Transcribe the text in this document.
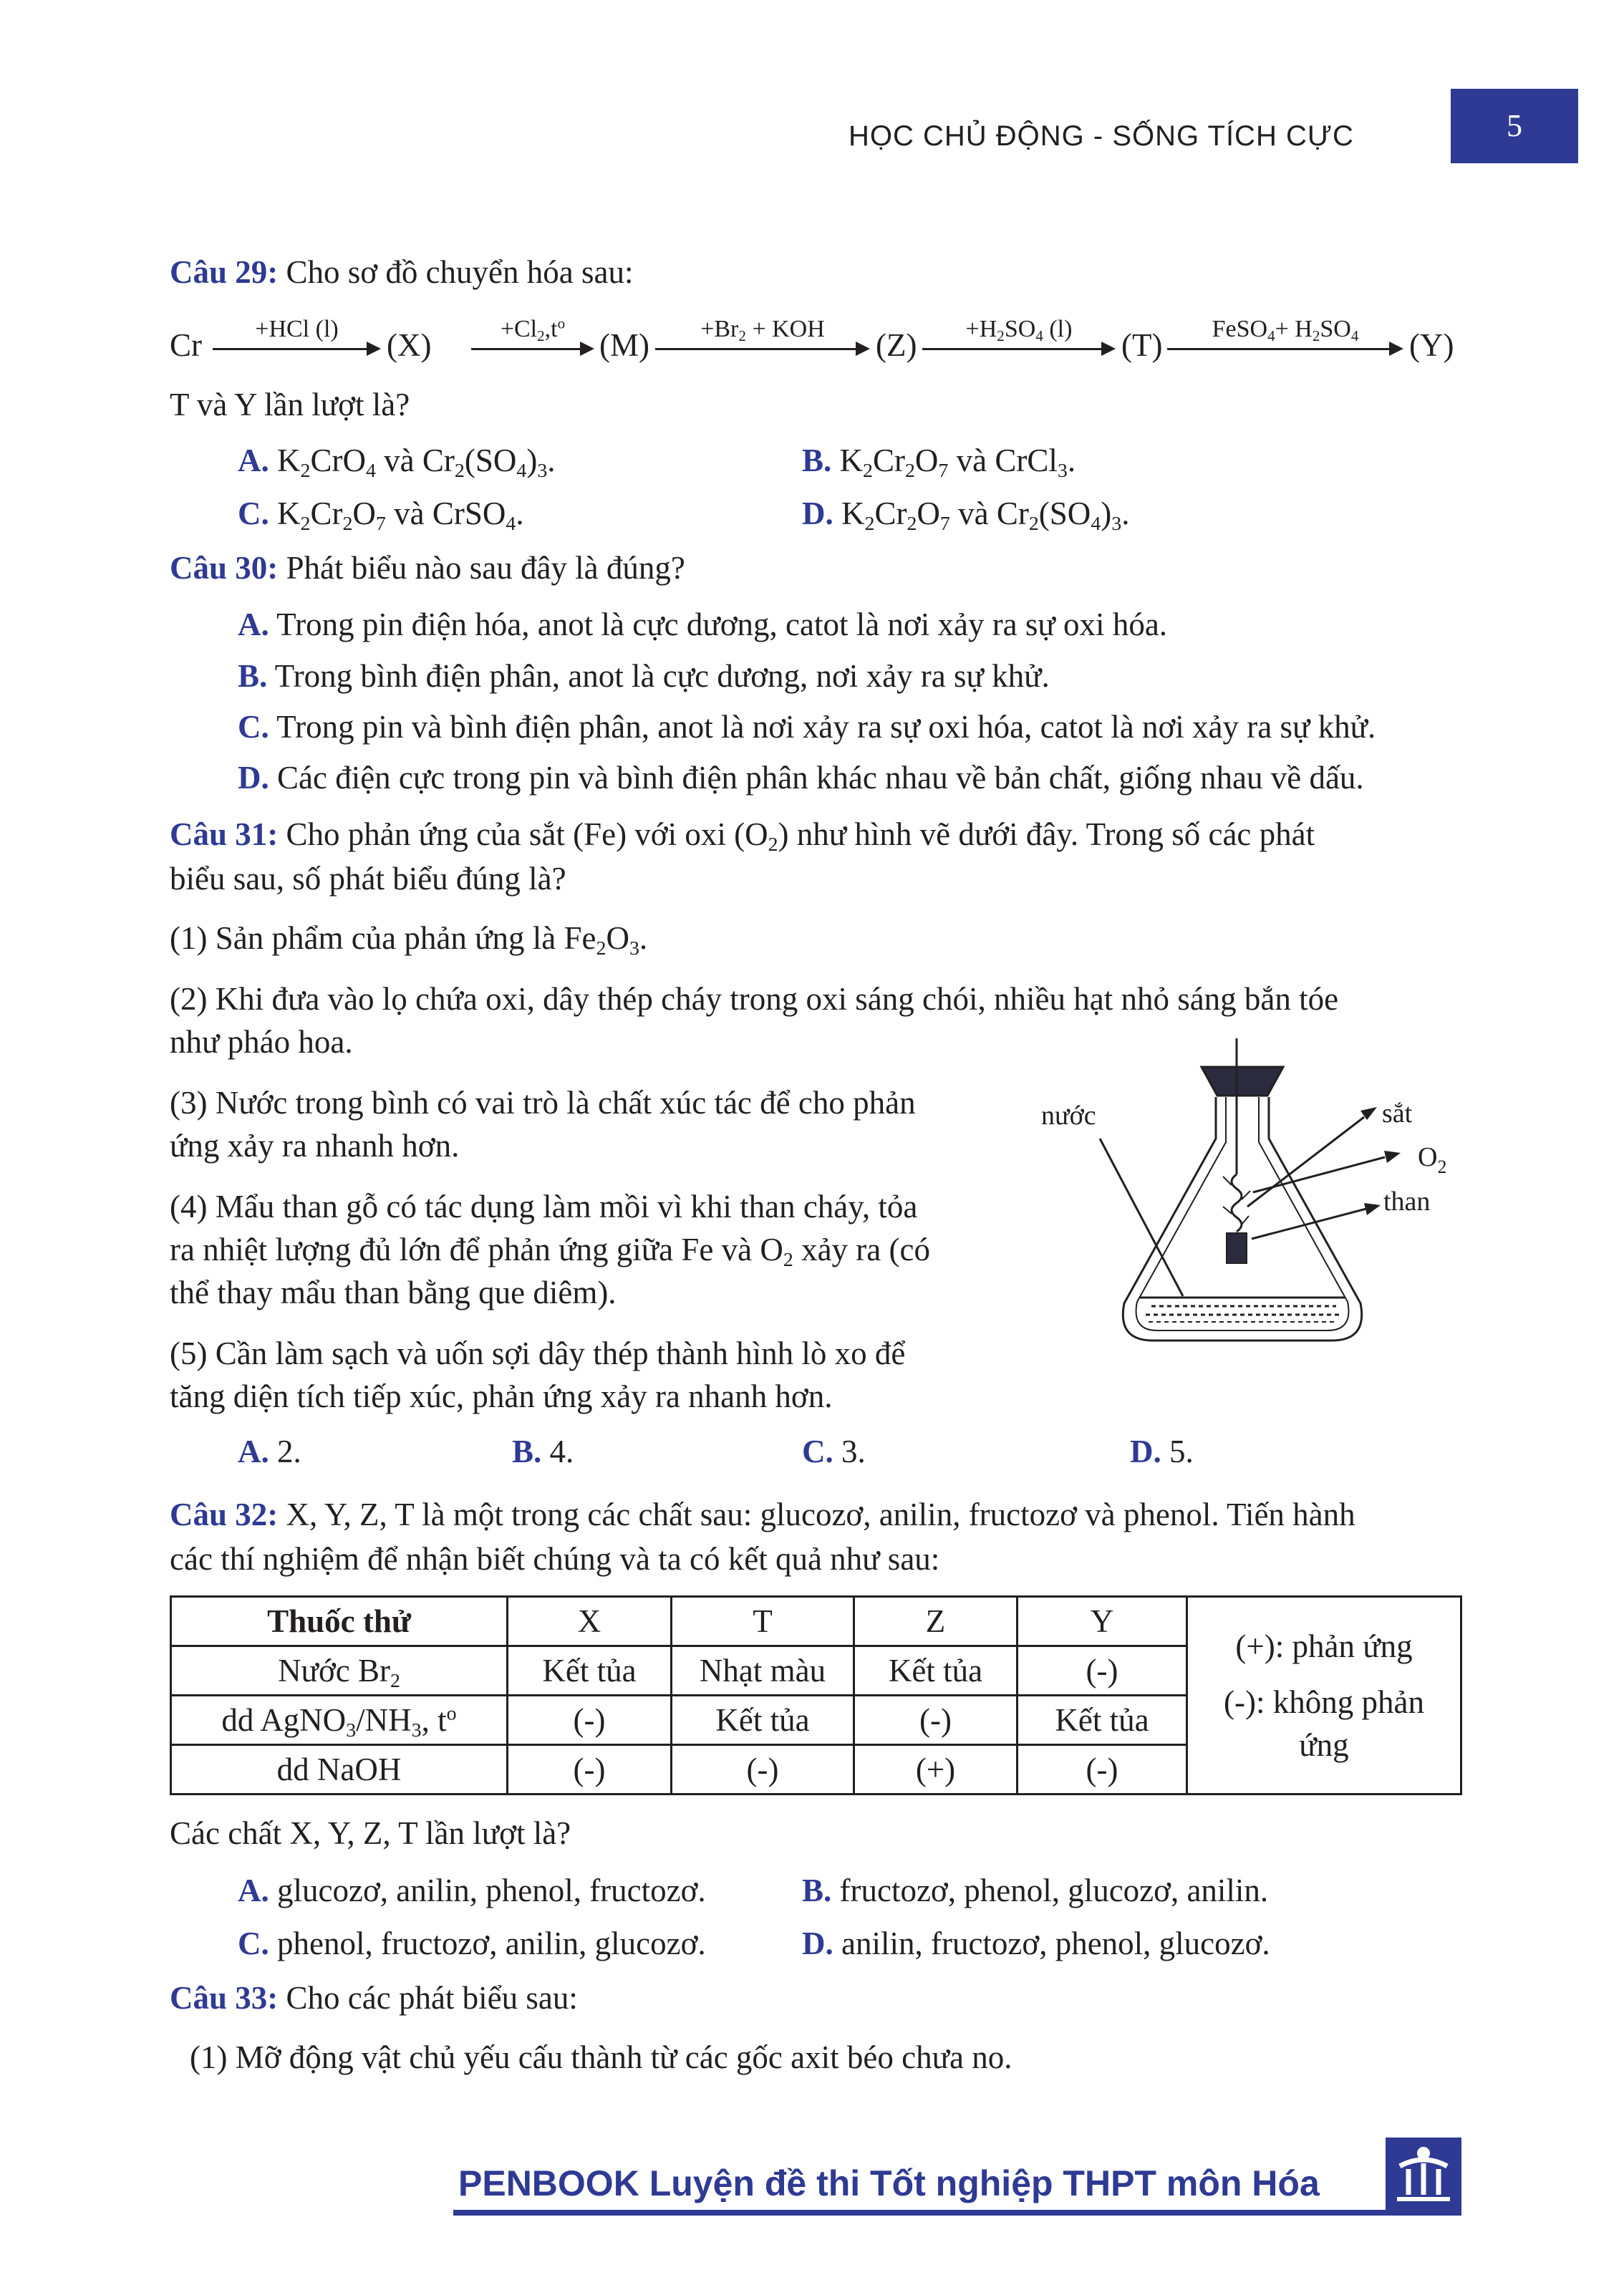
HỌC CHỦ ĐỘNG - SỐNG TÍCH CỰC	5
Câu 29: Cho sơ đồ chuyển hóa sau:
Cr	+HCl (l)	(X)	$+Cl_2,t^o$
(M)	$+Br_2$ + KOH	(Z)	$+H_2SO_4$ (l)	(T)	FeSO$_4$+ $H_2SO_4$	(Y)
T và Y lần lượt là?
A. $K_2CrO_4$ và $Cr_2(SO_4)_3$.	B. $K_2Cr_2O_7$ và CrCl$_3$.
C. $K_2Cr_2O_7$ và CrSO$_4$.	D. $K_2Cr_2O_7$ và $Cr_2(SO_4)_3$.
Câu 30: Phát biểu nào sau đây là đúng?
A. Trong pin điện hóa, anot là cực dương, catot là nơi xảy ra sự oxi hóa.
B. Trong bình điện phân, anot là cực dương, nơi xảy ra sự khử.
C. Trong pin và bình điện phân, anot là nơi xảy ra sự oxi hóa, catot là nơi xảy ra sự khử.
D. Các điện cực trong pin và bình điện phân khác nhau về bản chất, giống nhau về dấu.
Câu 31: Cho phản ứng của sắt (Fe) với oxi $(O_2)$ như hình vẽ dưới đây. Trong số các phát
biểu sau, số phát biểu đúng là?
(1) Sản phẩm của phản ứng là $Fe_2O_3$.
(2) Khi đưa vào lọ chứa oxi, dây thép cháy trong oxi sáng chói, nhiều hạt nhỏ sáng bắn tóe
như pháo hoa.
(3) Nước trong bình có vai trò là chất xúc tác để cho phản
ứng xảy ra nhanh hơn.
(4) Mẩu than gỗ có tác dụng làm mồi vì khi than cháy, tỏa
ra nhiệt lượng đủ lớn để phản ứng giữa Fe và $O_2$ xảy ra (có
thể thay mẩu than bằng que diêm).
(5) Cần làm sạch và uốn sợi dây thép thành hình lò xo để
tăng diện tích tiếp xúc, phản ứng xảy ra nhanh hơn.
nước	sắt
$O_2$
than
A. 2.	B. 4.	C. 3.	D. 5.
Câu 32: X, Y, Z, T là một trong các chất sau: glucozơ, anilin, fructozơ và phenol. Tiến hành
các thí nghiệm để nhận biết chúng và ta có kết quả như sau:
Thuốc thử	X	T	Z	Y	(+): phản ứng
(-): không phản
ứng

Nước $Br_2$	Kết tủa	Nhạt màu	Kết tủa	(-)	
dd $AgNO_3/NH_3$, $t^o$	(-)	Kết tủa	(-)	Kết tủa	
dd NaOH	(-)	(-)	(+)	(-)	
Các chất X, Y, Z, T lần lượt là?
A. glucozơ, anilin, phenol, fructozơ.	B. fructozơ, phenol, glucozơ, anilin.
C. phenol, fructozơ, anilin, glucozơ.	D. anilin, fructozơ, phenol, glucozơ.
Câu 33: Cho các phát biểu sau:
(1) Mỡ động vật chủ yếu cấu thành từ các gốc axit béo chưa no.
PENBOOK Luyện đề thi Tốt nghiệp THPT môn Hóa
